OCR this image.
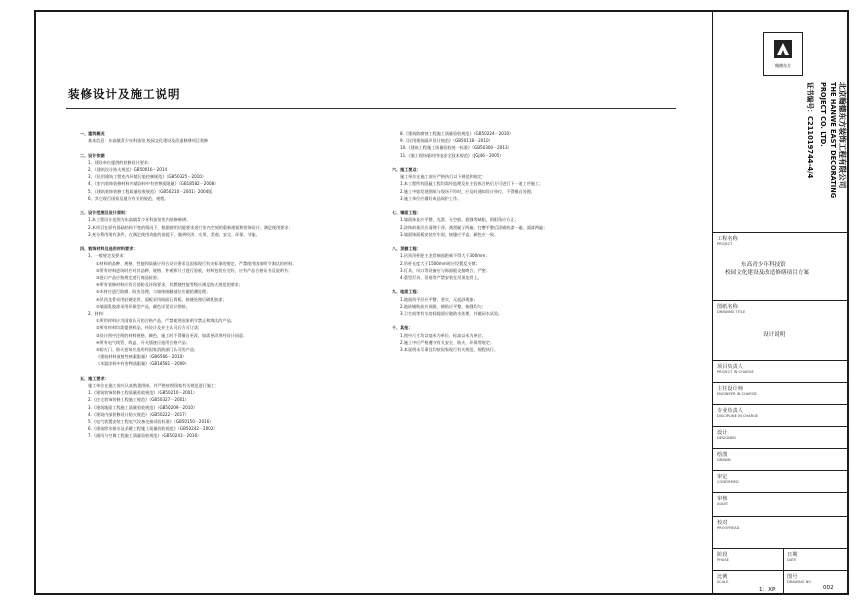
装修设计及施工说明

一、建筑概况

基本信息：东高镇青少年科技馆 校园文化建设及改造修缮项目装修

二、设计依据

1、建设单位提供的装修设计要求；

2、《建筑设计防火规范》GB50016－2014

3、《民用建筑工程室内环境污染控制规范》（GB50325－2010）

4、《室内装饰装修材料内墙涂料中有害物质限量》（GB18582－2008）

5、《建筑装饰装修工程质量验收规范》（GB50210－2001）2004版

6、其它现行国家及地方有关的规范、规程。

三、设计范围及设计原则：

1.本工程设计范围为东高镇青少年科技馆室内装修修缮；

2.本项目在原有基础结构不变的情况下，根据使用功能要求进行室内空间的重新规划和装饰设计，满足使用要求；

3.充分利用现有条件，在满足使用功能的前提下，做到经济、实用、美观、安全、环保、节能。

四、装饰材料及选用材料要求：

1、一般规定及要求：

①材料的品种、规格、性能和质量应符合设计要求及国家现行有关标准的规定，严禁使用国家明令淘汰的材料；

②所有材料进场时应对其品种、规格、外观和尺寸进行验收，材料包装应完好，应有产品合格证书及说明书；

③进口产品应按规定进行商品检验；

④所有装修材料应符合消防及环保要求，其燃烧性能等级应满足防火规范的要求；

⑤木材应进行防腐、防虫处理，与墙体接触部位应做防潮处理；

⑥吊顶龙骨采用轻钢龙骨，面板采用纸面石膏板，接缝处理后刷乳胶漆；

⑦墙面乳胶漆采用环保型产品，颜色详见设计图纸；

2、材料：

①所用材料应为国家认可的合格产品，严禁使用国家明令禁止和淘汰的产品；

②所有材料均需提供样品，经设计及业主认可后方可订货；

③设计图中注明的材料规格、颜色，施工时不得擅自更改，如需更改须经设计同意；

④所有电气线管、线盒、开关插座应选用合格产品；

⑤防火门、防火卷帘应选用经国家消防部门认可的产品；

《建筑材料放射性核素限量》（GB6566－2010）

《木器涂料中有害物质限量》（GB18581－2009）

五、施工要求：

施工单位在施工前应认真熟悉图纸，并严格按照国家有关规范进行施工：

1.《建筑装饰装修工程质量验收规范》（GB50210－2001）

2.《住宅装饰装修工程施工规范》（GB50327－2001）

3.《建筑地面工程施工质量验收规范》（GB50209－2010）

4.《建筑内部装修设计防火规范》（GB50222－2017）

5.《电气装置安装工程电气设备交接试验标准》（GB50150－2016）

6.《建筑给水排水及采暖工程施工质量验收规范》（GB50242－2002）

7.《通风与空调工程施工质量验收规范》（GB50243－2016）

8.《建筑防腐蚀工程施工质量验收规范》（GB50224－2010）

9.《民用建筑隔声设计规范》（GB50118－2010）

10.《建筑工程施工质量验收统一标准》（GB50300－2013）

11.《施工现场临时用电安全技术规范》（JGJ46－2005）

六、施工要点：

施工单位在施工前应严格执行以下规范和规定：

1.本工程所有隐蔽工程均需经监理及业主验收合格后方可进行下一道工序施工；

2.施工中如发现图纸与现场不符时，应及时通知设计单位，不得擅自处理；

3.施工单位应做好成品保护工作。

七、墙面工程：

1.墙面抹灰应平整、光滑、无空鼓、裂缝等缺陷，阴阳角应方正；

2.涂饰前基层应清理干净，满刮腻子两遍，打磨平整后涂刷底漆一遍、面漆两遍；

3.墙面饰面板安装应牢固，接缝应平直，颜色应一致。

八、顶棚工程：

1.吊顶吊杆距主龙骨端部距离不得大于300mm；

2.吊杆长度大于1500mm时应设置反支撑；

3.灯具、风口等设备应与饰面板交接吻合、严密；

4.重型灯具、吊扇等严禁安装在吊顶龙骨上。

九、地面工程：

1.地面找平层应平整、坚实、无起砂现象；

2.地砖铺贴前应预排，铺贴应平整、接缝均匀；

3.卫生间等有水房间地面应做防水处理，并做闭水试验。

十、其他：

1.图中尺寸均以毫米为单位，标高以米为单位；

2.施工中应严格遵守有关安全、防火、环保等规定；

3.本说明未尽事宜均按国家现行有关规范、规程执行。

翰德东方
北京翰德东方装饰工程有限公司
THE HANWE EAST DECORATING
PROJECT CO. LTD.
证书编号：C211019744-4/4
工程名称
PROJECT
东高青少年科技馆
校园文化建设及改造修缮项目方案
图纸名称
DRAWING TITLE
设计说明
项目负责人
PROJECT IN CHARGE
主任设计师
ENGINEER IN CHARGE
专业负责人
DISCIPLINE IN CHARGE
设计
DESIGNED
绘图
DRAWN
审定
CONFIRMED
审核
AUDIT
校对
PROOFREAD
阶段
PHASE
日期
DATE
比例
SCALE
1：XP
图号
DRAWING NO
002
